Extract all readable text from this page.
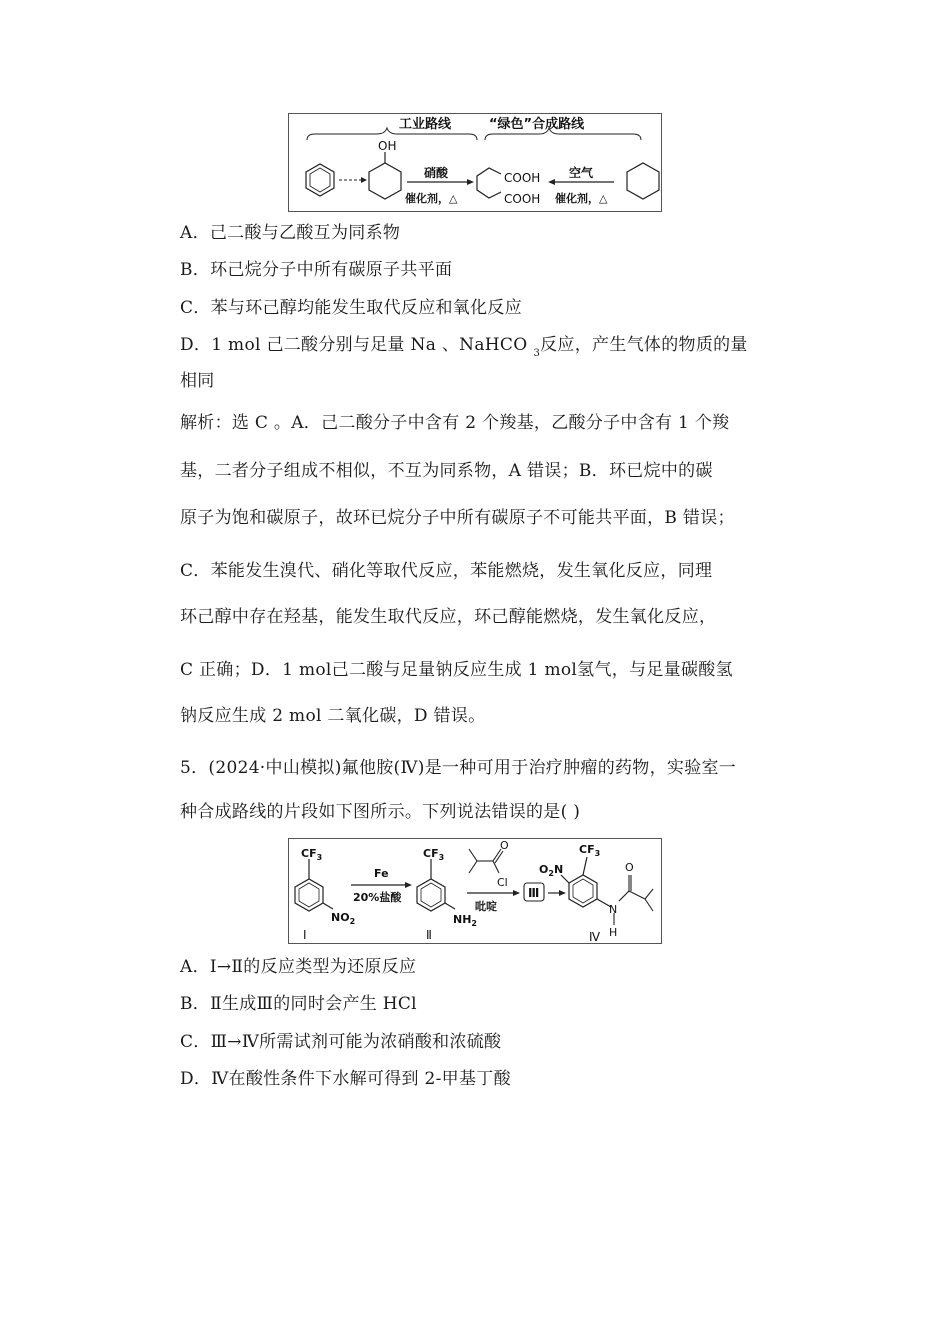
工业路线	“绿色”合成路线
OH
硝酸
催化剂，△
COOH
COOH
空气
催化剂，△
A．己二酸与乙酸互为同系物
B．环己烷分子中所有碳原子共平面
C．苯与环己醇均能发生取代反应和氧化反应
D．1 mol 己二酸分别与足量 Na 、NaHCO $_3$反应，产生气体的物质的量
相同
解析：选 C 。A．己二酸分子中含有 2 个羧基，乙酸分子中含有 1 个羧
基，二者分子组成不相似，不互为同系物，A 错误；B．环已烷中的碳
原子为饱和碳原子，故环已烷分子中所有碳原子不可能共平面，B 错误；
C．苯能发生溴代、硝化等取代反应，苯能燃烧，发生氧化反应，同理
环己醇中存在羟基，能发生取代反应，环己醇能燃烧，发生氧化反应，
C 正确；D．1 mol己二酸与足量钠反应生成 1 mol氢气，与足量碳酸氢
钠反应生成 2 mol 二氧化碳，D 错误。
5．(2024·中山模拟)氟他胺(Ⅳ)是一种可用于治疗肿瘤的药物，实验室一
种合成路线的片段如下图所示。下列说法错误的是( )
$CF_3$
$NO_2$
I
Fe
20%盐酸
$CF_3$
$NH_2$
Ⅱ
O
Cl
吡啶
Ⅲ
$CF_3$
$O_2N$
N
H
O
Ⅳ
A．Ⅰ→Ⅱ的反应类型为还原反应
B．Ⅱ生成Ⅲ的同时会产生 HCl
C．Ⅲ→Ⅳ所需试剂可能为浓硝酸和浓硫酸
D．Ⅳ在酸性条件下水解可得到 2-甲基丁酸
